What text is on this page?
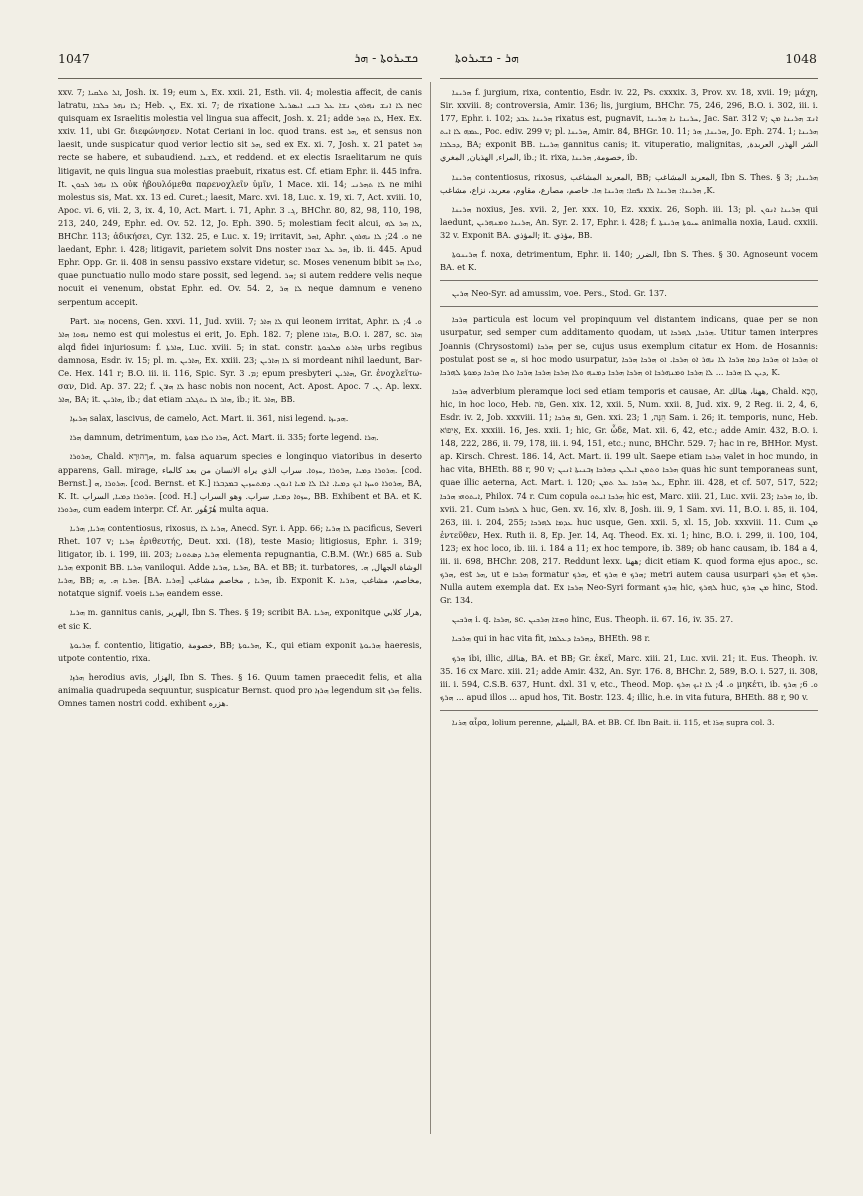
1047	ܟܫܝܪܘܬܐ - ܗܪ	ܗܪ - ܟܫܝܪܘܬܐ	1048

xxv. 7; ܐܠ ܬܠܩܝܐ, Josh. ix. 19; eum ܠ, Ex. xxii. 21, Esth. vii. 4; molestia affecit, de canis latratu, ܠܐ ܢܗܪ ܟܠܒܐ; Heb. ܢ, Ex. xi. 7; de rixatione ܠܐ ܐܢܫ ܢܗܪܘܢ ܢܫܐ ܥܠ ܒܢܝ ܐܝܣܪܝܠ nec quisquam ex Israelitis molestia vel lingua sua affecit, Josh. x. 21; adde ܠܐ ܬܗܪ, Hex. Ex. xxiv. 11, ubi Gr. διεφώνησεν. Notat Ceriani in loc. quod trans. est ܗܪ, et sensus non laesit, unde suspicatur quod verior lectio sit ܗܪ, sed ex Ex. xi. 7, Josh. x. 21 patet ܗܪ recte se habere, et subaudiend. ܠܫܢܐ, et reddend. et ex electis Israelitarum ne quis litigavit, ne quis lingua sua molestias praebuit, rixatus est. Cf. etiam Ephr. ii. 445 infra. It. ܠܐ ܢܗܪ ܠܟܘܢ οὐκ ἠβουλόμεθα παρενοχλεῖν ὑμῖν, 1 Mace. xii. 14; ܠܐ ܬܗܪܢܝ ne mihi molestus sis, Mat. xx. 13 ed. Curet.; laesit, Marc. xvi. 18, Luc. x. 19, xi. 7, Act. xviii. 10, Apoc. vi. 6, vii. 2, 3, ix. 4, 10, Act. Mart. i. 71, Aphr. ܓ. 3, BHChr. 80, 82, 98, 110, 198, 213, 240, 249, Ephr. ed. Ov. 52. 12, Jo. Eph. 390. 5; molestiam fecit alcui, ܠܐ ܗܪ ܠܗ, BHChr. 113; ἀδικήσει, Cyr. 132. 25, e Luc. x. 19; irritavit, ܐܗܪ, Aphr. ܘ. 24; ܠܐ ܢܗܪܘܢ ne laedant, Ephr. i. 428; litigavit, parietem solvit Dns noster ܗܪ ܥܠ ܫܘܪܐ, ib. ii. 445. Apud Ephr. Opp. Gr. ii. 408 in sensu passivo exstare videtur, sc. Moses venenum bibit ܘܠܐ ܗܪ, quae punctuatio nullo modo stare possit, sed legend. ܗܪ; si autem reddere velis neque nocuit ei venenum, obstat Ephr. ed. Ov. 54. 2, ܠܐ ܗܪ neque damnum e veneno serpentum accepit.

Part. ܗܐܪ nocens, Gen. xxvi. 11, Jud. xviii. 7; ܠܐ ܗܐܪ qui leonem irritat, Aphr. ܘ. 4; ܠܐ ܢܗܘܐ ܗܐܪ nemo est qui molestus ei erit, Jo. Eph. 182. 7; plene ܗܐܪܐ, B.O. i. 287, sc. ܗܐܪ alqd fidei injuriosum: f. ܗܐܪܬܐ, Luc. xviii. 5; in stat. constr. ܗܐܪܬ ܡܠܟܘܬܐ urbs regibus damnosa, Esdr. iv. 15; pl. m. ܗܐܪܝܢ, Ex. xxiii. 23; ܠܐ ܗܐܪܝܢ si mordeant nihil laedunt, Bar-Ce. Hex. 141 r; B.O. iii. ii. 116, Spic. Syr. ܡ. 3; epum presbyteri ܗܐܪܝܢ, Gr. ἐνοχλεῖτω-σαν, Did. Ap. 37. 22; f. ܠܐ ܗܐܪܢ hasc nobis non nocent, Act. Apost. Apoc. ܢ. 7. Ap. lexx. ܗܐܪ, BA; it. ܗܐܪܝܢ, ib.; dat etiam ܗܐܪ ܠܐ ܝܬܓܠܒ, ib.; it. ܗܐܪ, BB.

ܗܪܝܙܐ salax, lascivus, de camelo, Act. Mart. ii. 361, nisi legend. ܗܕܝܙܐ.

ܗܪܐ damnum, detrimentum, ܗܪܐ ܘܠܐ ܡܘܬܐ, Act. Mart. ii. 335; forte legend. ܗܪܐ.

ܗܪܘܪܐ, Chald. ܗַרְהוּרָא, m. falsa aquarum species e longinquo viatoribus in deserto apparens, Gall. mirage, ܗܪܘܪܐ ܕܡܝܐ ,ܗܪܘܪܐ ,ܚܙܘܐ. سراب الذي يراه الانسان من بعد كالماء. [cod. Bernst.] ܗܪܘܪܐ ,ܗ. [cod. Bernst. et K.] ܗܪܘܪܐ ܘܚܙܐ ܐܝܟ ܕܡܝܐ. ܐܠܐ ܠܐ ܡܝܐ ܐܢܘܢ. ܕܡܬܚܙܝܢ ܒܡܕܒܪܐ, BA, K. It. ܗܪܘܪܐ ܕܡܝܐ, السراب. [cod. H.] ܚܙܘܐ ܕܡܝܐ, سراب. وهو السراب, BB. Exhibent et BA. et K. ܗܪܘܪܐ, cum eadem interpr. Cf. Ar. هُرْهُور multa aqua.

ܗܪܝܐ, ܗܪܝܐ contentiosus, rixosus, ܗܪܝܐ ܠܐ, Anecd. Syr. i. App. 66; ܠܐ ܗܪܝܐ pacificus, Severi Rhet. 107 v; ܗܪܝܐ ἐριθευτής, Deut. xxi. (18), teste Masio; litigiosus, Ephr. i. 319; litigator, ib. i. 199, iii. 203; ܗܪܝܐ ܕܣܬܘܢܐ elementa repugnantia, C.B.M. (Wr.) 685 a. Sub ܗܪܝܐ exponit BB. ܗܪܝܐ vaniloqui. Adde ܗܪܝܐ ,ܗܪܝܐ, BA. et BB; it. turbatores, الوشاة الجهال, ܗ. ܗܪܝܐ, BB; ܗܪܝܐ ܗ. ,ܗ. [BA. ܗܪܝܐ] ܗܪܝܐ , مخاصم مشاغب, ib. Exponit K. مخاصم، مشاغب ,ܗܪܝܐ, notatque signif. voeis ܗܪܝܐ eandem esse.

ܗܪܝܐ m. gannitus canis, الهرير, Ibn S. Thes. § 19; scribit BA. ܗܪܝܐ, exponitque هرار كلابي, et sic K.

ܗܪܝܘܬܐ f. contentio, litigatio, خصومة, BB; ܗܪܝܘܬܐ, K., qui etiam exponit ܗܪܝܘܬܐ haeresis, utpote contentio, rixa.

ܗܪܙܐ herodius avis, الهزار, Ibn S. Thes. § 16. Quum tamen praecedit felis, et alia animalia quadrupeda sequuntur, suspicatur Bernst. quod pro ܗܪܙܐ legendum sit ܗܪܙ felis. Omnes tamen nostri codd. exhibent هزره.

ܗܪܝܢܐ f. jurgium, rixa, contentio, Esdr. iv. 22, Ps. cxxxix. 3, Prov. xv. 18, xvii. 19; μάχη, Sir. xxviii. 8; controversia, Amir. 136; lis, jurgium, BHChr. 75, 246, 296, B.O. i. 302, iii. i. 177, Ephr. i. 102; ܗܪܝܢܐ ܥܒܕ rixatus est, pugnavit, ܚܪܝܢܐ ܢܐ ܗܪܝܢܐ, Jac. Sar. 312 v; ܐܢܫ ܗܪܝܢܐ ܡܢ ܥܡܗ ܠܐ ܐܝܬ, Poc. ediv. 299 v; pl. ܗܪܝܢܐ, Amir. 84, BHGr. 10. 11; ܗܪܝܢܐ, ܗܪ, Jo. Eph. 274. 1; ܗܪܝܢܐ ܕܟܠܒܐ, BA; exponit BB. ܗܪܝܢܐ gannitus canis; it. vituperatio, malignitas, الشر الهذر, العربدة, المراء, الهذيان, المغري, ib.; it. rixa, خصومة, ܗܪܝܢܐ, ib.

ܗܪܝܢܐ contentiosus, rixosus, المعربد المشاغب, BB; المعربد المشاغب, Ibn S. Thes. § 3; ܗܪܝܢܐ, ܗܪܝܢܐ: ܗܪܝܢܐ ܠܐ ܢܦܩܐ: ܗܪܝܢܐ ܗܐ. خاصم، مصارع، مقاوم، معربد، نزاع، مشاغب ,K.

ܗܪܝܢܐ noxius, Jes. xvii. 2, Jer. xxx. 10, Ez. xxxix. 26, Soph. iii. 13; pl. ܗܪܝܢܐ ܐܢܘܢ qui laedunt, ܗܪܝܢܐ ܘܡܢܗܪܝܢ, An. Syr. 2. 17, Ephr. i. 428; f. ܚܝܘܬܐ ܗܪܝܢܬܐ animalia noxia, Laud. cxxiii. 32 v. Exponit BA. المؤذي; it. مؤذي, BB.

ܗܪܝܢܘܬܐ f. noxa, detrimentum, Ephr. ii. 140; الضرر, Ibn S. Thes. § 30. Agnoseunt vocem BA. et K.

ܗܪܝܢ Neo-Syr. ad amussim, voe. Pers., Stod. Gr. 137.

ܗܪܟܐ particula est locum vel propinquum vel distantem indicans, quae per se non usurpatur, sed semper cum additamento quodam, ut ܗܪܟܐ, ܠܗܪܟܐ. Utitur tamen interpres Joannis (Chrysostomi) ܗܪܟܐ per se, cujus usus exemplum citatur ex Hom. de Hosannis: postulat post se ܗ, si hoc modo usurpatur, ܐܘ ܗܪܟܐ ܐܘ ܗܪܟܐ ܕܡܐ ܗܪܟܐ ܠܐ ܢܗܪ ܐܘ ܗܪܟܐ. ܐܘ ܗܪܟܐ ܗܪܟܐ ܕܝܢ ܠܐ ܗܪܟܐ ... ܠܐ ܗܪܟܐ ܘܡܢܗܪܟܐ ܐܘ ܗܪܟܐ ܗܪܟܐ ܕܡܢܗ ܘܠܐ ܗܪܟܐ ܗܪܟܐ ܗܪܟܐ ܘܠܐ ܗܪܟܐ ܕܡܘܬܐ ܠܗܪܟܐ, K.

ܗܪܟܐ adverbium pleramque loci sed etiam temporis et causae, Ar. ههنا، هنالك, Chald. הָכָא, hic, in hoc loco, Heb. פֹּה, Gen. xix. 12, xxii. 5, Num. xxii. 8, Jud. xix. 9, 2 Reg. ii. 2, 4, 6, Esdr. iv. 2, Job. xxxviii. 11; ܐܦ ܗܪܟܐ, Gen. xxi. 23; הֵנָּה, 1 Sam. i. 26; it. temporis, nunc, Heb. אֵיפוֹא, Ex. xxxiii. 16, Jes. xxii. 1; hic, Gr. ὧδε, Mat. xii. 6, 42, etc.; adde Amir. 432, B.O. i. 148, 222, 286, ii. 79, 178, iii. i. 94, 151, etc.; nunc, BHChr. 529. 7; hac in re, BHHor. Myst. ap. Kirsch. Chrest. 186. 14, Act. Mart. ii. 199 ult. Saepe etiam ܗܪܟܐ valet in hoc mundo, in hac vita, BHEth. 88 r, 90 v; ܗܪܟܐ ܘܬܡܢ ܐܝܠܝܢ ܕܗܪܟܐ ܙܒܢܝܬܐ ܐܢܝܢ quas hic sunt temporaneas sunt, quae illic aeterna, Act. Mart. i. 120; ܥܠ ܗܪܟܐ ܥܠ ܬܡܢ, Ephr. iii. 428, et cf. 507, 517, 522; ܐܝܬܘܗܝ ܗܪܟܐ, Philox. 74 r. Cum copula ܗܪܟܐ ܐܝܬܘ hic est, Marc. xiii. 21, Luc. xvii. 23; ܘܐ ܗܪܟܐ, ib. xvii. 21. Cum ܠ ܠܗܪܟܐ huc, Gen. xv. 16, xlv. 8, Josh. iii. 9, 1 Sam. xvi. 11, B.O. i. 85, ii. 104, 263, iii. i. 204, 255; ܥܕܡܐ ܠܗܪܟܐ huc usque, Gen. xxii. 5, xl. 15, Job. xxxviii. 11. Cum ܡܢ ἐντεῦθεν, Hex. Ruth ii. 8, Ep. Jer. 14, Aq. Theod. Ex. xi. 1; hinc, B.O. i. 299, ii. 100, 104, 123; ex hoc loco, ib. iii. i. 184 a 11; ex hoc tempore, ib. 389; ob hanc causam, ib. 184 a 4, iii. ii. 698, BHChr. 208, 217. Reddunt lexx. ههنا; dicit etiam K. quod forma ejus apoc., sc. ܗܪܟ, est ܗܪ, ut e ܗܪܟܐ formatur ܗܪܟ, et ܗܪܟ e ܗܪܟ; metri autem causa usurpari ܗܪܟ et ܗܪܟ. Nulla autem exempla dat. Ex ܗܪܟܐ Neo-Syri formant ܗܪܟ hic, ܠܗܪܟ huc, ܡܢ ܗܪܟ hinc, Stod. Gr. 134.

ܗܪܟܝܢ i. q. ܗܪܟܐ, sc. ܘܗܫܐ ܗܪܟܝܢ hinc, Eus. Theoph. ii. 67. 16, iv. 35. 27.

ܗܪܟܝܐ qui in hac vita fit, ܕܗܪܟܐ ܕܥܠܡܐ, BHEth. 98 r.

ܗܪܟ ibi, illic, هنالك, BA. et BB; Gr. ἐκεῖ, Marc. xiii. 21, Luc. xvii. 21; it. Eus. Theoph. iv. 35. 16 cx Marc. xiii. 21; adde Amir. 432, An. Syr. 176. 8, BHChr. 2, 589, B.O. i. 527, ii. 308, iii. i. 594, C.S.B. 637, Hunt. dxl. 31 v, etc., Theod. Mop. ܘ. 4; ܠܐ ܐܝܟ ܗܪܟ μηκέτι, ib. ܘ. 6; ܗܪܟ ... ܗܪܟ apud illos ... apud hos, Tit. Bostr. 123. 4; illic, h.e. in vita futura, BHEth. 88 r, 90 v.

ܗܪܢܐ αἶρα, lolium perenne, الشيلم, BA. et BB. Cf. Ibn Bait. ii. 115, et ܗܪܐ supra col. 3.
